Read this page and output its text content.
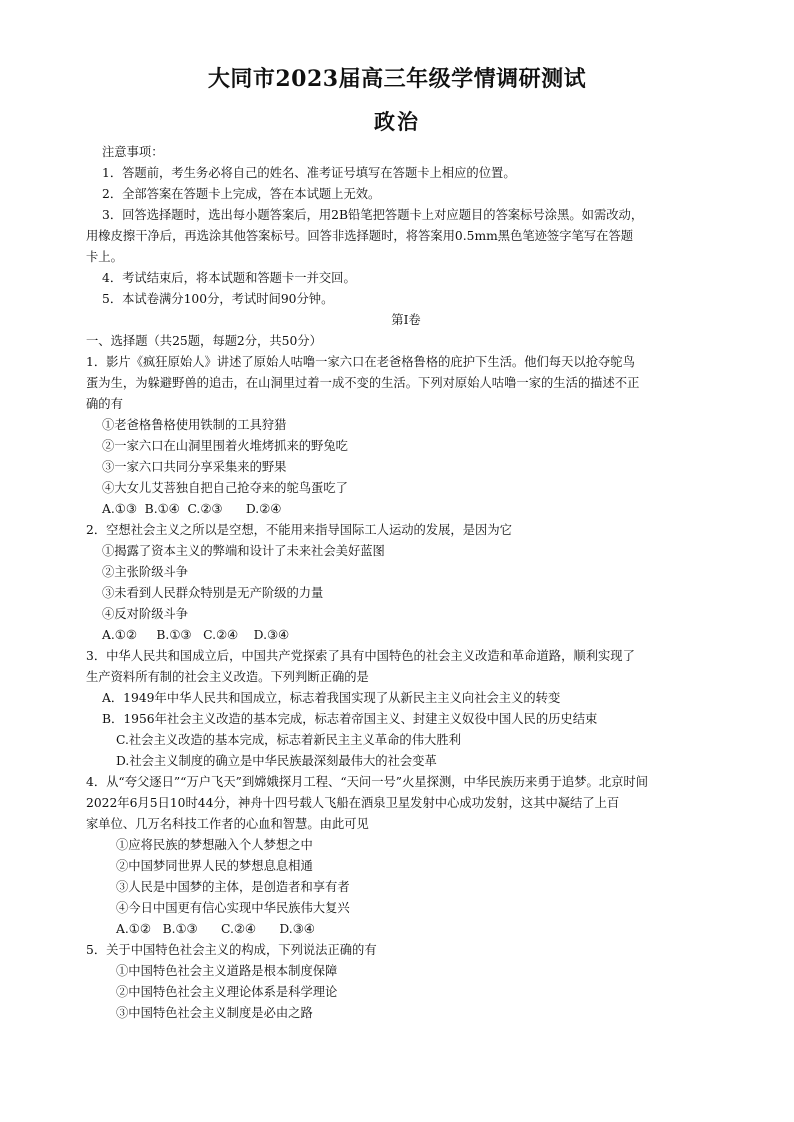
大同市2023届高三年级学情调研测试
政治
注意事项：
1．答题前，考生务必将自己的姓名、准考证号填写在答题卡上相应的位置。
2．全部答案在答题卡上完成，答在本试题上无效。
3．回答选择题时，选出每小题答案后，用2B铅笔把答题卡上对应题目的答案标号涂黑。如需改动，
用橡皮擦干净后，再选涂其他答案标号。回答非选择题时，将答案用0.5mm黑色笔迹签字笔写在答题
卡上。
4．考试结束后，将本试题和答题卡一并交回。
5．本试卷满分100分，考试时间90分钟。
第I卷
一、选择题（共25题，每题2分，共50分）
1．影片《疯狂原始人》讲述了原始人咕噜一家六口在老爸格鲁格的庇护下生活。他们每天以抢夺鸵鸟
蛋为生，为躲避野兽的追击，在山洞里过着一成不变的生活。下列对原始人咕噜一家的生活的描述不正
确的有
①老爸格鲁格使用铁制的工具狩猎
②一家六口在山洞里围着火堆烤抓来的野兔吃
③一家六口共同分享采集来的野果
④大女儿艾菩独自把自己抢夺来的鸵鸟蛋吃了
A.①③  B.①④  C.②③      D.②④
2．空想社会主义之所以是空想，不能用来指导国际工人运动的发展，是因为它
①揭露了资本主义的弊端和设计了未来社会美好蓝图
②主张阶级斗争
③未看到人民群众特别是无产阶级的力量
④反对阶级斗争
A.①②     B.①③   C.②④    D.③④
3．中华人民共和国成立后，中国共产党探索了具有中国特色的社会主义改造和革命道路，顺利实现了
生产资料所有制的社会主义改造。下列判断正确的是
A．1949年中华人民共和国成立，标志着我国实现了从新民主主义向社会主义的转变
B．1956年社会主义改造的基本完成，标志着帝国主义、封建主义奴役中国人民的历史结束
C.社会主义改造的基本完成，标志着新民主主义革命的伟大胜利
D.社会主义制度的确立是中华民族最深刻最伟大的社会变革
4．从“夸父逐日”“万户飞天”到嫦娥探月工程、“天问一号”火星探测，中华民族历来勇于追梦。北京时间
2022年6月5日10时44分，神舟十四号载人飞船在酒泉卫星发射中心成功发射，这其中凝结了上百
家单位、几万名科技工作者的心血和智慧。由此可见
①应将民族的梦想融入个人梦想之中
②中国梦同世界人民的梦想息息相通
③人民是中国梦的主体，是创造者和享有者
④今日中国更有信心实现中华民族伟大复兴
A.①②   B.①③      C.②④      D.③④
5．关于中国特色社会主义的构成，下列说法正确的有
①中国特色社会主义道路是根本制度保障
②中国特色社会主义理论体系是科学理论
③中国特色社会主义制度是必由之路
